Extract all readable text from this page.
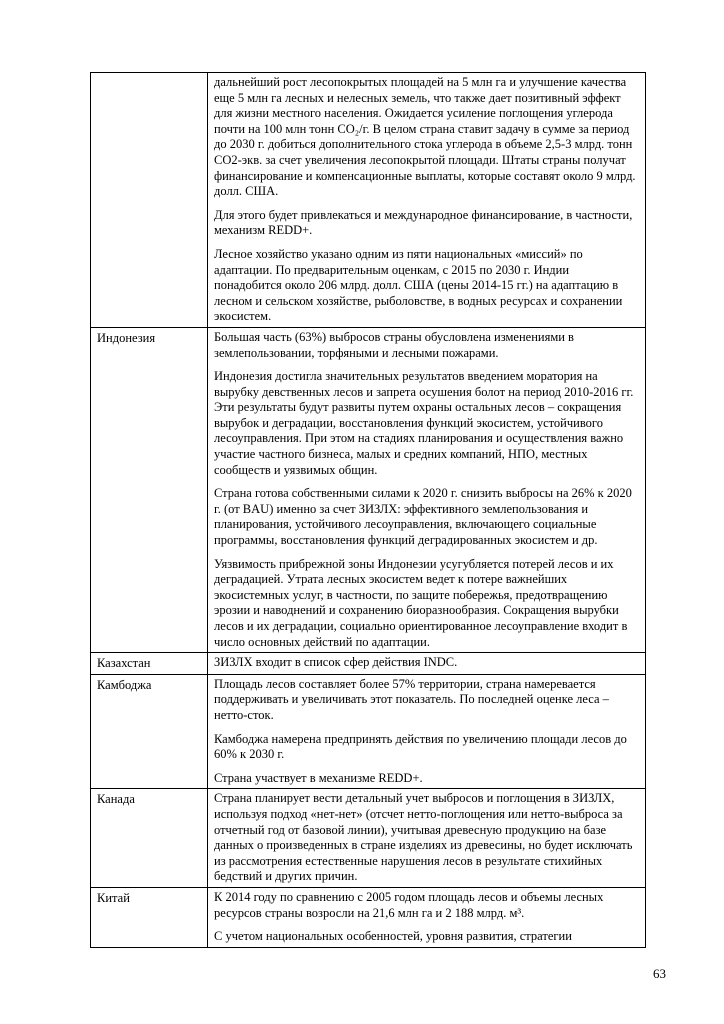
	дальнейший рост лесопокрытых площадей на 5 млн га и улучшение качества еще 5 млн га лесных и нелесных земель, что также дает позитивный эффект для жизни местного населения. Ожидается усиление поглощения углерода почти на 100 млн тонн CO₂/г. В целом страна ставит задачу в сумме за период до 2030 г. добиться дополнительного стока углерода в объеме 2,5-3 млрд. тонн CO2-экв. за счет увеличения лесопокрытой площади. Штаты страны получат финансирование и компенсационные выплаты, которые составят около 9 млрд. долл. США.

Для этого будет привлекаться и международное финансирование, в частности, механизм REDD+.

Лесное хозяйство указано одним из пяти национальных «миссий» по адаптации. По предварительным оценкам, с 2015 по 2030 г. Индии понадобится около 206 млрд. долл. США (цены 2014-15 гг.) на адаптацию в лесном и сельском хозяйстве, рыболовстве, в водных ресурсах и сохранении экосистем.

Индонезия	Большая часть (63%) выбросов страны обусловлена изменениями в землепользовании, торфяными и лесными пожарами.

Индонезия достигла значительных результатов введением моратория на вырубку девственных лесов и запрета осушения болот на период 2010-2016 гг. Эти результаты будут развиты путем охраны остальных лесов – сокращения вырубок и деградации, восстановления функций экосистем, устойчивого лесоуправления. При этом на стадиях планирования и осуществления важно участие частного бизнеса, малых и средних компаний, НПО, местных сообществ и уязвимых общин.

Страна готова собственными силами к 2020 г. снизить выбросы на 26% к 2020 г. (от BAU) именно за счет ЗИЗЛХ: эффективного землепользования и планирования, устойчивого лесоуправления, включающего социальные программы, восстановления функций деградированных экосистем и др.

Уязвимость прибрежной зоны Индонезии усугубляется потерей лесов и их деградацией. Утрата лесных экосистем ведет к потере важнейших экосистемных услуг, в частности, по защите побережья, предотвращению эрозии и наводнений и сохранению биоразнообразия. Сокращения вырубки лесов и их деградации, социально ориентированное лесоуправление входит в число основных действий по адаптации.

Казахстан	ЗИЗЛХ входит в список сфер действия INDC.

Камбоджа	Площадь лесов составляет более 57% территории, страна намеревается поддерживать и увеличивать этот показатель. По последней оценке леса – нетто-сток.

Камбоджа намерена предпринять действия по увеличению площади лесов до 60% к 2030 г.

Страна участвует в механизме REDD+.

Канада	Страна планирует вести детальный учет выбросов и поглощения в ЗИЗЛХ, используя подход «нет-нет» (отсчет нетто-поглощения или нетто-выброса за отчетный год от базовой линии), учитывая древесную продукцию на базе данных о произведенных в стране изделиях из древесины, но будет исключать из рассмотрения естественные нарушения лесов в результате стихийных бедствий и других причин.

Китай	К 2014 году по сравнению с 2005 годом площадь лесов и объемы лесных ресурсов страны возросли на 21,6 млн га и 2 188 млрд. м³.

С учетом национальных особенностей, уровня развития, стратегии

63
